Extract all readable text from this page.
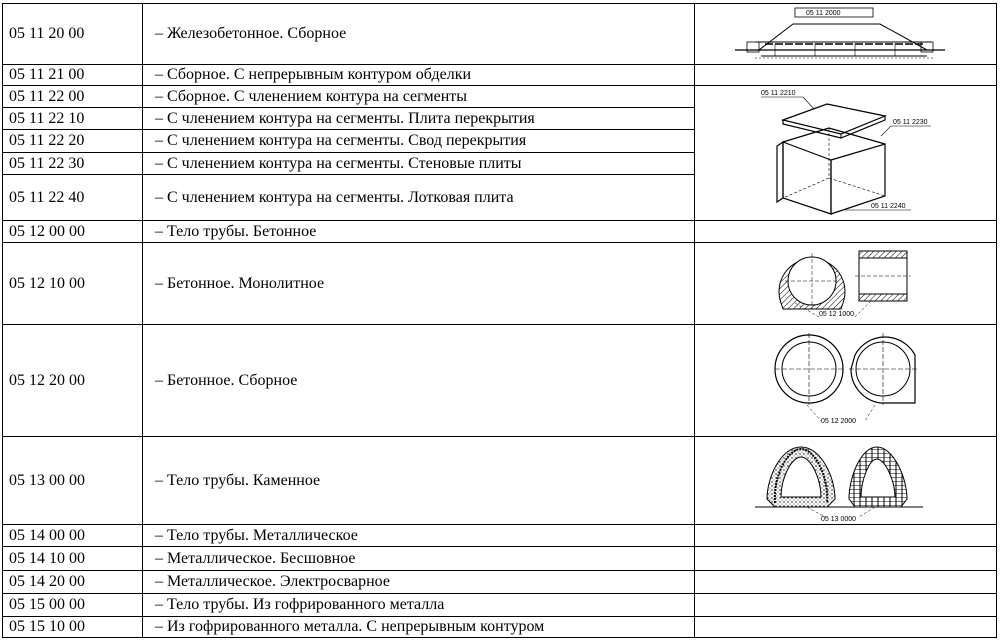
05 11 20 00	– Железобетонное. Сборное	05 11 2000

05 11 21 00	– Сборное. С непрерывным контуром обделки	
05 11 22 00	– Сборное. С членением контура на сегменты	05 11 2210
05 11 2230
05 11 2240

05 11 22 10	– С членением контура на сегменты. Плита перекрытия	
05 11 22 20	– С членением контура на сегменты. Свод перекрытия	
05 11 22 30	– С членением контура на сегменты. Стеновые плиты	
05 11 22 40	– С членением контура на сегменты. Лотковая плита	
05 12 00 00	– Тело трубы. Бетонное	
05 12 10 00	– Бетонное. Монолитное	05 12 1000

05 12 20 00	– Бетонное. Сборное	05 12 2000

05 13 00 00	– Тело трубы. Каменное	05 13 0000

05 14 00 00	– Тело трубы. Металлическое	
05 14 10 00	– Металлическое. Бесшовное	
05 14 20 00	– Металлическое. Электросварное	
05 15 00 00	– Тело трубы. Из гофрированного металла	
05 15 10 00	– Из гофрированного металла. С непрерывным контуром	
